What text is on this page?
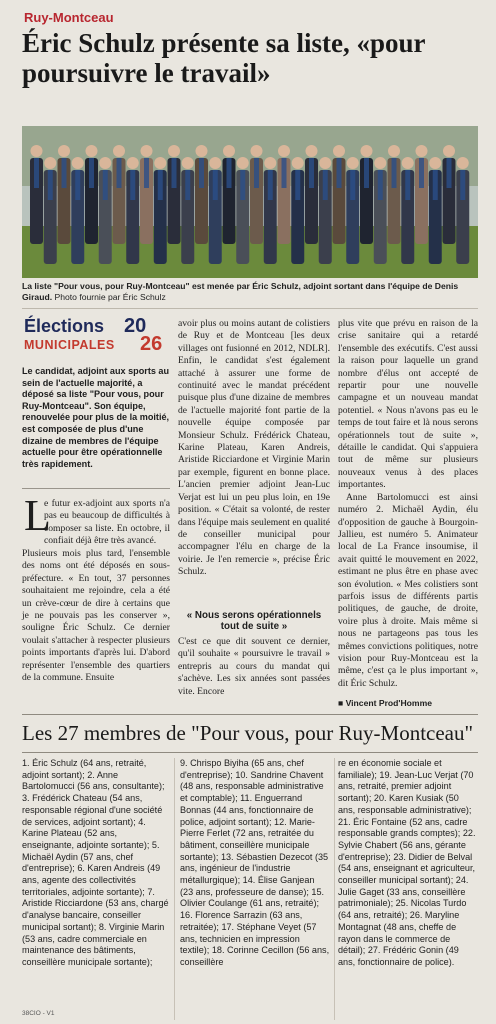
Ruy-Montceau
Éric Schulz présente sa liste, «pour poursuivre le travail»
La liste "Pour vous, pour Ruy-Montceau" est menée par Éric Schulz, adjoint sortant dans l'équipe de Denis Giraud. Photo fournie par Éric Schulz
Élections
MUNICIPALES
20
26
Le candidat, adjoint aux sports au sein de l'actuelle majorité, a déposé sa liste "Pour vous, pour Ruy-Montceau". Son équipe, renouvelée pour plus de la moitié, est composée de plus d'une dizaine de membres de l'équipe actuelle pour être opérationnelle très rapidement.
L
e futur ex-adjoint aux sports n'a pas eu beaucoup de difficultés à composer sa liste. En octobre, il confiait déjà être très avancé.
Plusieurs mois plus tard, l'ensemble des noms ont été déposés en sous-préfecture. « En tout, 37 personnes souhaitaient me rejoindre, cela a été un crève-cœur de dire à certains que je ne pouvais pas les conserver », souligne Éric Schulz. Ce dernier voulait s'attacher à respecter plusieurs points importants d'après lui. D'abord représenter l'ensemble des quartiers de la commune. Ensuite
avoir plus ou moins autant de colistiers de Ruy et de Montceau [les deux villages ont fusionné en 2012, NDLR]. Enfin, le candidat s'est également attaché à assurer une forme de continuité avec le mandat précédent puisque plus d'une dizaine de membres de l'actuelle majorité font partie de la nouvelle équipe composée par Monsieur Schulz. Frédérick Chateau, Karine Plateau, Karen Andreis, Aristide Ricciardone et Virginie Marin par exemple, figurent en bonne place. L'ancien premier adjoint Jean-Luc Verjat est lui un peu plus loin, en 19e position. « C'était sa volonté, de rester dans l'équipe mais seulement en qualité de conseiller municipal pour accompagner l'élu en charge de la voirie. Je l'en remercie », précise Éric Schulz.
« Nous serons opérationnels tout de suite »
C'est ce que dit souvent ce dernier, qu'il souhaite « poursuivre le travail » entrepris au cours du mandat qui s'achève. Les six années sont passées vite. Encore

plus vite que prévu en raison de la crise sanitaire qui a retardé l'ensemble des exécutifs. C'est aussi la raison pour laquelle un grand nombre d'élus ont accepté de repartir pour une nouvelle campagne et un nouveau mandat potentiel. « Nous n'avons pas eu le temps de tout faire et là nous serons opérationnels tout de suite », détaille le candidat. Qui s'appuiera tout de même sur plusieurs nouveaux venus à des places importantes.

Anne Bartolomucci est ainsi numéro 2. Michaël Aydin, élu d'opposition de gauche à Bourgoin-Jallieu, est numéro 5. Animateur local de La France insoumise, il avait quitté le mouvement en 2022, estimant ne plus être en phase avec son évolution. « Mes colistiers sont parfois issus de différents partis politiques, de gauche, de droite, voire plus à droite. Mais même si nous ne partageons pas tous les mêmes convictions politiques, notre vision pour Ruy-Montceau est la même, c'est ça le plus important », dit Éric Schulz.

■ Vincent Prod'Homme
Les 27 membres de "Pour vous, pour Ruy-Montceau"
1. Éric Schulz (64 ans, retraité, adjoint sortant); 2. Anne Bartolomucci (56 ans, consultante); 3. Frédérick Chateau (54 ans, responsable régional d'une société de services, adjoint sortant); 4. Karine Plateau (52 ans, enseignante, adjointe sortante); 5. Michaël Aydin (57 ans, chef d'entreprise); 6. Karen Andreis (49 ans, agente des collectivités territoriales, adjointe sortante); 7. Aristide Ricciardone (53 ans, chargé d'analyse bancaire, conseiller municipal sortant); 8. Virginie Marin (53 ans, cadre commerciale en maintenance des bâtiments, conseillère municipale sortante);
9. Chrispo Biyiha (65 ans, chef d'entreprise); 10. Sandrine Chavent (48 ans, responsable administrative et comptable); 11. Enguerrand Bonnas (44 ans, fonctionnaire de police, adjoint sortant); 12. Marie-Pierre Ferlet (72 ans, retraitée du bâtiment, conseillère municipale sortante); 13. Sébastien Dezecot (35 ans, ingénieur de l'industrie métallurgique); 14. Élise Ganjean (23 ans, professeure de danse); 15. Olivier Coulange (61 ans, retraité); 16. Florence Sarrazin (63 ans, retraitée); 17. Stéphane Veyet (57 ans, technicien en impression textile); 18. Corinne Cecillon (56 ans, conseillère
re en économie sociale et familiale); 19. Jean-Luc Verjat (70 ans, retraité, premier adjoint sortant); 20. Karen Kusiak (50 ans, responsable administrative); 21. Éric Fontaine (52 ans, cadre responsable grands comptes); 22. Sylvie Chabert (56 ans, gérante d'entreprise); 23. Didier de Belval (54 ans, enseignant et agriculteur, conseiller municipal sortant); 24. Julie Gaget (33 ans, conseillère patrimoniale); 25. Nicolas Turdo (64 ans, retraité); 26. Maryline Montagnat (48 ans, cheffe de rayon dans le commerce de détail); 27. Frédéric Gonin (49 ans, fonctionnaire de police).
38CIO - V1
